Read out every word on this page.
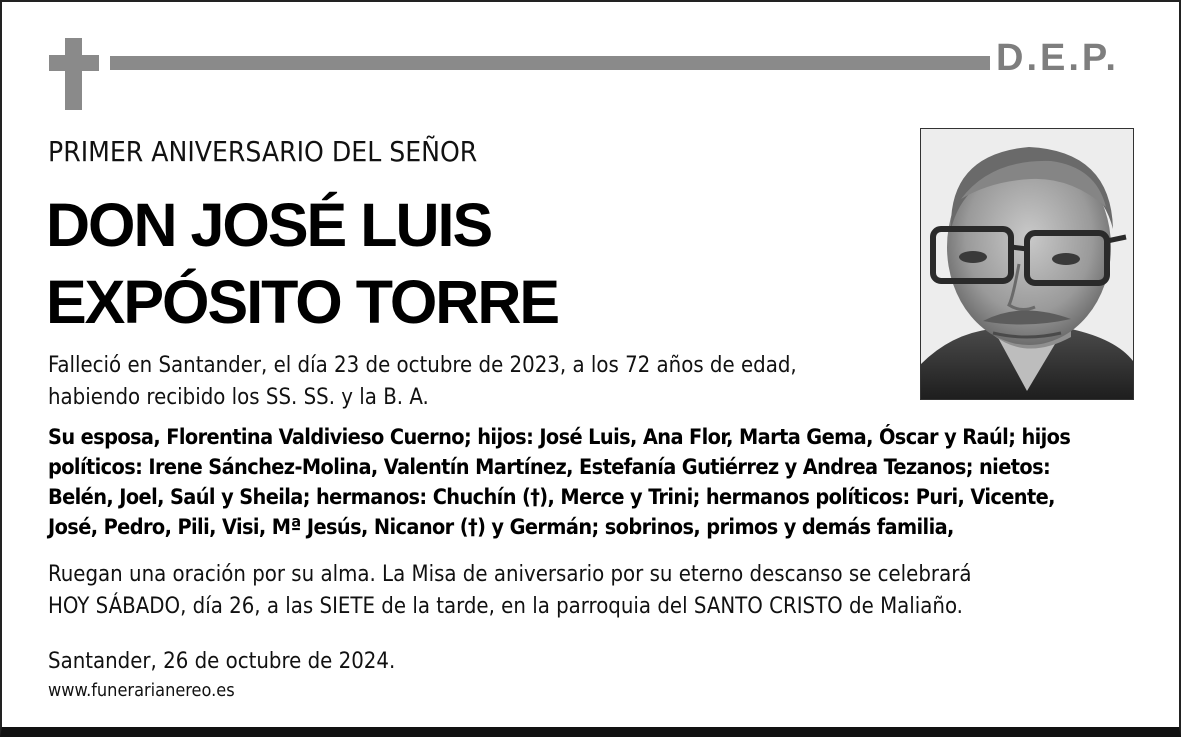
D.E.P.
PRIMER ANIVERSARIO DEL SEÑOR
DON JOSÉ LUIS
EXPÓSITO TORRE
Falleció en Santander, el día 23 de octubre de 2023, a los 72 años de edad,
habiendo recibido los SS. SS. y la B. A.
Su esposa, Florentina Valdivieso Cuerno; hijos: José Luis, Ana Flor, Marta Gema, Óscar y Raúl; hijos
políticos: Irene Sánchez-Molina, Valentín Martínez, Estefanía Gutiérrez y Andrea Tezanos; nietos:
Belén, Joel, Saúl y Sheila; hermanos: Chuchín (†), Merce y Trini; hermanos políticos: Puri, Vicente,
José, Pedro, Pili, Visi, Mª Jesús, Nicanor (†) y Germán; sobrinos, primos y demás familia,
Ruegan una oración por su alma. La Misa de aniversario por su eterno descanso se celebrará
HOY SÁBADO, día 26, a las SIETE de la tarde, en la parroquia del SANTO CRISTO de Maliaño.
Santander, 26 de octubre de 2024.
www.funerarianereo.es
